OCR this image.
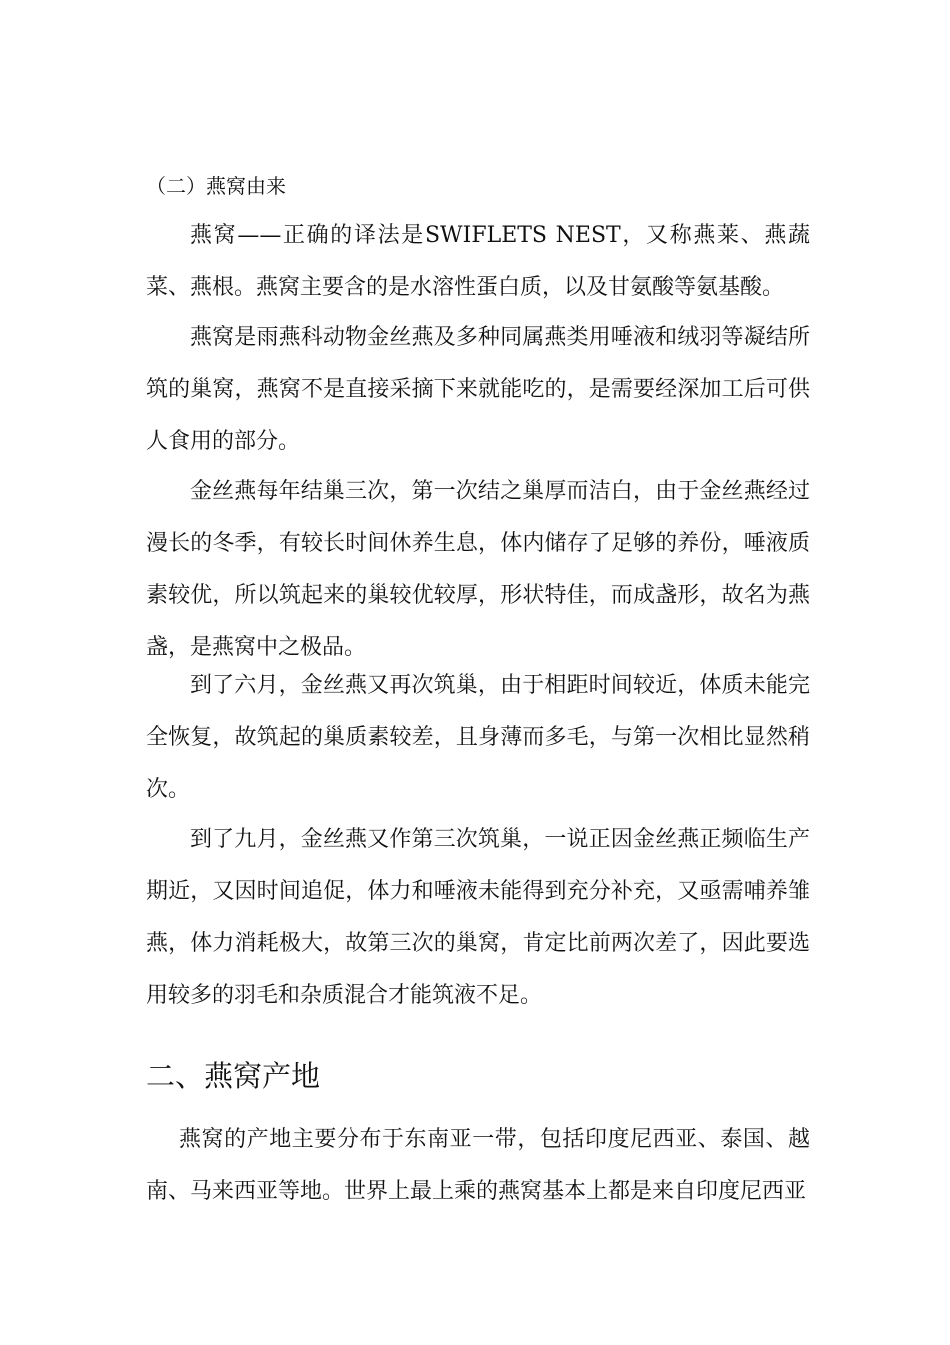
（二）燕窝由来

燕窝——正确的译法是SWIFLETS NEST，又称燕莱、燕蔬菜、燕根。燕窝主要含的是水溶性蛋白质，以及甘氨酸等氨基酸。

燕窝是雨燕科动物金丝燕及多种同属燕类用唾液和绒羽等凝结所筑的巢窝，燕窝不是直接采摘下来就能吃的，是需要经深加工后可供人食用的部分。

金丝燕每年结巢三次，第一次结之巢厚而洁白，由于金丝燕经过漫长的冬季，有较长时间休养生息，体内储存了足够的养份，唾液质素较优，所以筑起来的巢较优较厚，形状特佳，而成盏形，故名为燕盏，是燕窝中之极品。

到了六月，金丝燕又再次筑巢，由于相距时间较近，体质未能完全恢复，故筑起的巢质素较差，且身薄而多毛，与第一次相比显然稍次。

到了九月，金丝燕又作第三次筑巢，一说正因金丝燕正频临生产期近，又因时间追促，体力和唾液未能得到充分补充，又亟需哺养雏燕，体力消耗极大，故第三次的巢窝，肯定比前两次差了，因此要选用较多的羽毛和杂质混合才能筑液不足。

二、燕窝产地

燕窝的产地主要分布于东南亚一带，包括印度尼西亚、泰国、越南、马来西亚等地。世界上最上乘的燕窝基本上都是来自印度尼西亚
